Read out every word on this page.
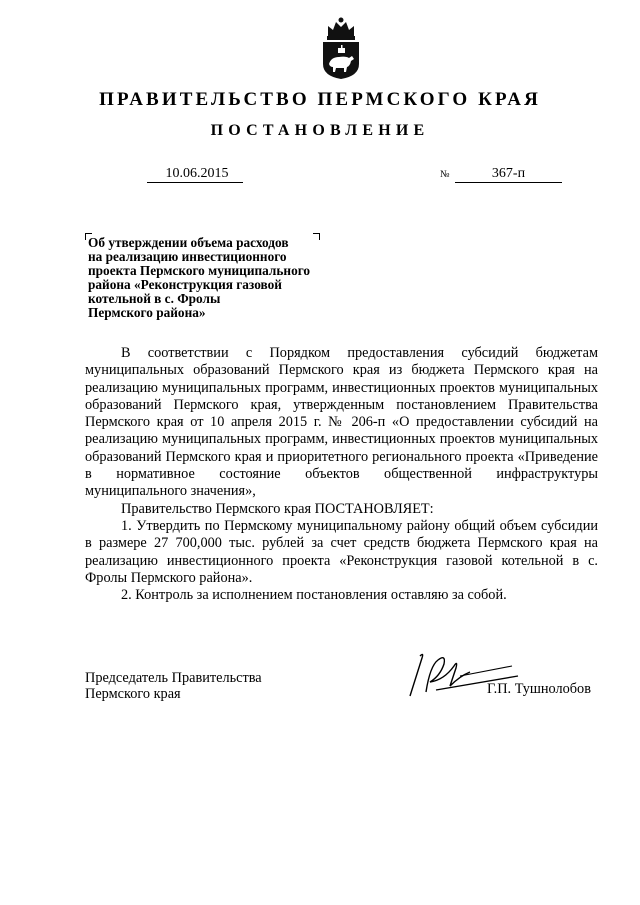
ПРАВИТЕЛЬСТВО ПЕРМСКОГО КРАЯ
ПОСТАНОВЛЕНИЕ
10.06.2015	№	367-п
Об утверждении объема расходов
на реализацию инвестиционного
проекта Пермского муниципального
района «Реконструкция газовой
котельной в с. Фролы
Пермского района»

В соответствии с Порядком предоставления субсидий бюджетам муниципальных образований Пермского края из бюджета Пермского края на реализацию муниципальных программ, инвестиционных проектов муниципальных образований Пермского края, утвержденным постановлением Правительства Пермского края от 10 апреля 2015 г. № 206-п «О предоставлении субсидий на реализацию муниципальных программ, инвестиционных проектов муниципальных образований Пермского края и приоритетного регионального проекта «Приведение в нормативное состояние объектов общественной инфраструктуры муниципального значения»,

Правительство Пермского края ПОСТАНОВЛЯЕТ:

1. Утвердить по Пермскому муниципальному району общий объем субсидии в размере 27 700,000 тыс. рублей за счет средств бюджета Пермского края на реализацию инвестиционного проекта «Реконструкция газовой котельной в с. Фролы Пермского района».

2. Контроль за исполнением постановления оставляю за собой.

Председатель Правительства
Пермского края	Г.П. Тушнолобов
